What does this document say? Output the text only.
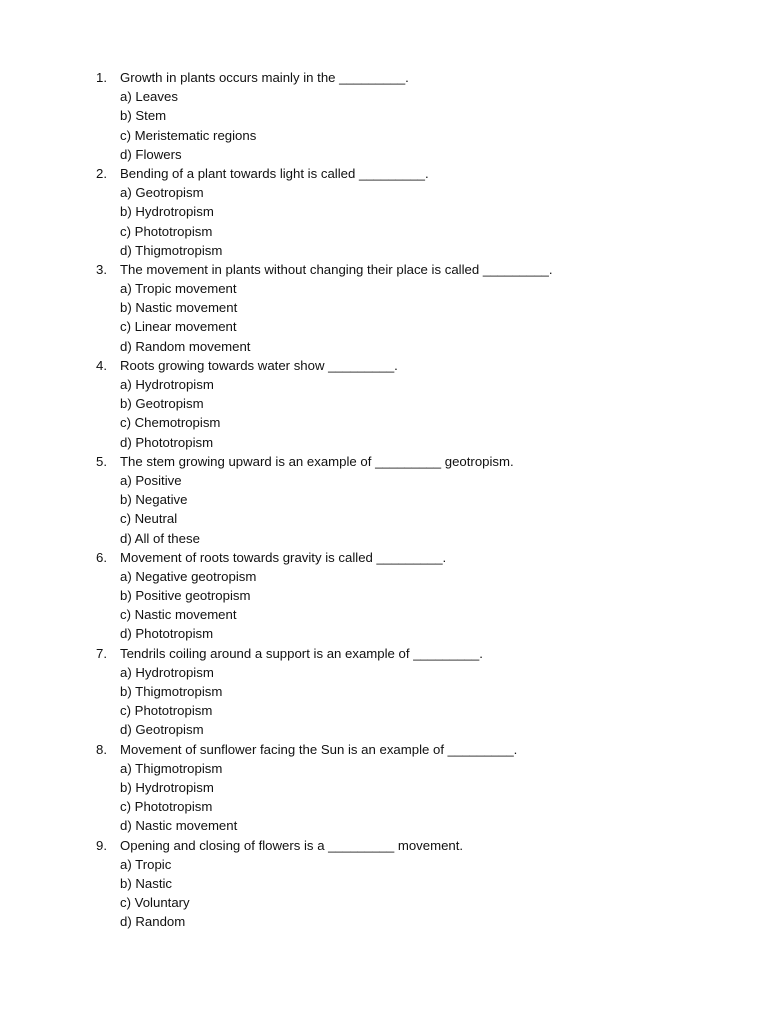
1. Growth in plants occurs mainly in the _________.
a) Leaves
b) Stem
c) Meristematic regions
d) Flowers
2. Bending of a plant towards light is called _________.
a) Geotropism
b) Hydrotropism
c) Phototropism
d) Thigmotropism
3. The movement in plants without changing their place is called _________.
a) Tropic movement
b) Nastic movement
c) Linear movement
d) Random movement
4. Roots growing towards water show _________.
a) Hydrotropism
b) Geotropism
c) Chemotropism
d) Phototropism
5. The stem growing upward is an example of _________ geotropism.
a) Positive
b) Negative
c) Neutral
d) All of these
6. Movement of roots towards gravity is called _________.
a) Negative geotropism
b) Positive geotropism
c) Nastic movement
d) Phototropism
7. Tendrils coiling around a support is an example of _________.
a) Hydrotropism
b) Thigmotropism
c) Phototropism
d) Geotropism
8. Movement of sunflower facing the Sun is an example of _________.
a) Thigmotropism
b) Hydrotropism
c) Phototropism
d) Nastic movement
9. Opening and closing of flowers is a _________ movement.
a) Tropic
b) Nastic
c) Voluntary
d) Random
